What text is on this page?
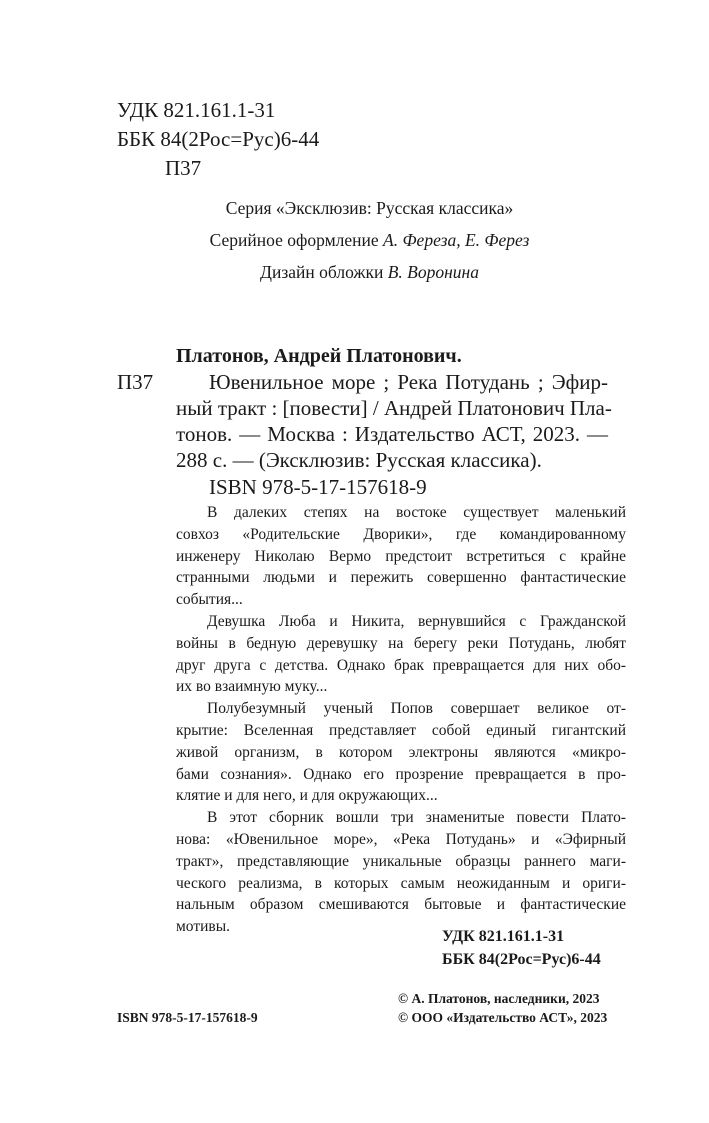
УДК 821.161.1-31
ББК 84(2Рос=Рус)6-44
П37
Серия «Эксклюзив: Русская классика»
Серийное оформление А. Фереза, Е. Ферез
Дизайн обложки В. Воронина
Платонов, Андрей Платонович.
П37	Ювенильное море ; Река Потудань ; Эфир-
ный тракт : [повести] / Андрей Платонович Пла-
тонов. — Москва : Издательство АСТ, 2023. —
288 с. — (Эксклюзив: Русская классика).
ISBN 978-5-17-157618-9

В далеких степях на востоке существует маленький
совхоз «Родительские Дворики», где командированному
инженеру Николаю Вермо предстоит встретиться с крайне
странными людьми и пережить совершенно фантастические
события...

Девушка Люба и Никита, вернувшийся с Гражданской
войны в бедную деревушку на берегу реки Потудань, любят
друг друга с детства. Однако брак превращается для них обо-
их во взаимную муку...

Полубезумный ученый Попов совершает великое от-
крытие: Вселенная представляет собой единый гигантский
живой организм, в котором электроны являются «микро-
бами сознания». Однако его прозрение превращается в про-
клятие и для него, и для окружающих...

В этот сборник вошли три знаменитые повести Плато-
нова: «Ювенильное море», «Река Потудань» и «Эфирный
тракт», представляющие уникальные образцы раннего маги-
ческого реализма, в которых самым неожиданным и ориги-
нальным образом смешиваются бытовые и фантастические
мотивы.

УДК 821.161.1-31
ББК 84(2Рос=Рус)6-44
© А. Платонов, наследники, 2023
© ООО «Издательство АСТ», 2023
ISBN 978-5-17-157618-9
